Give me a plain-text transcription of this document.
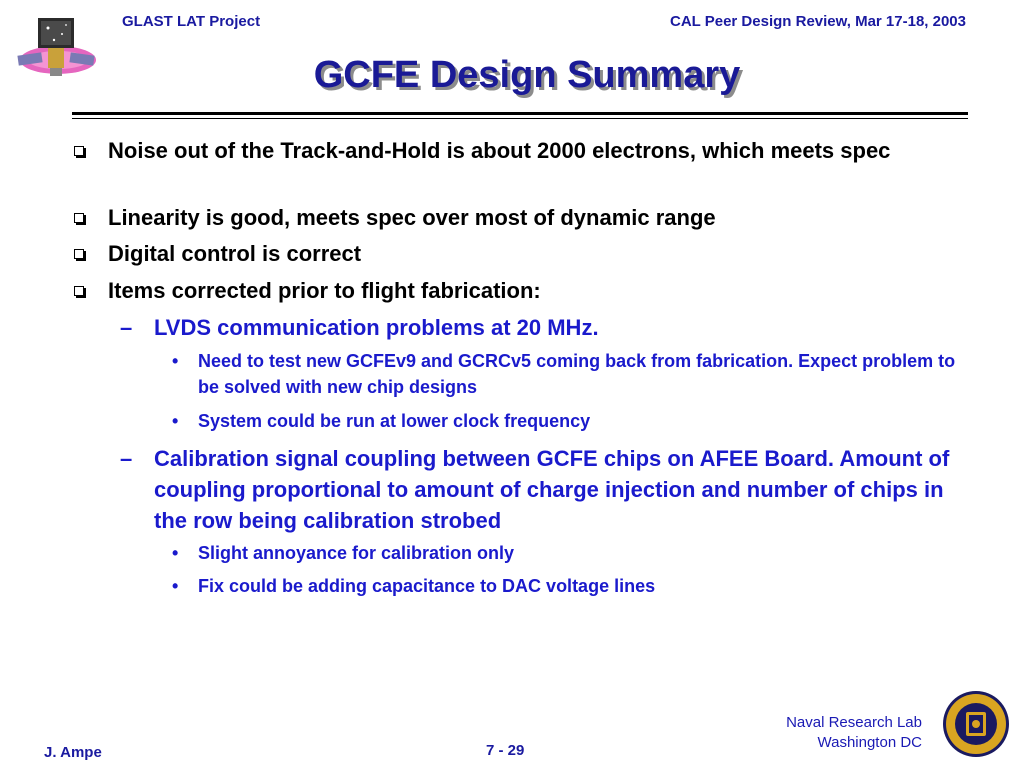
GLAST LAT Project	CAL Peer Design Review, Mar 17-18, 2003
GCFE Design Summary
Noise out of the Track-and-Hold is about 2000 electrons, which meets spec
Linearity is good, meets spec over most of dynamic range
Digital control is correct
Items corrected prior to flight fabrication:
– LVDS communication problems at 20 MHz.
• Need to test new GCFEv9 and GCRCv5 coming back from fabrication. Expect problem to be solved with new chip designs
• System could be run at lower clock frequency
– Calibration signal coupling between GCFE chips on AFEE Board. Amount of coupling proportional to amount of charge injection and number of chips in the row being calibration strobed
• Slight annoyance for calibration only
• Fix could be adding capacitance to DAC voltage lines
Naval Research Lab
Washington DC
J. Ampe	7 - 29
